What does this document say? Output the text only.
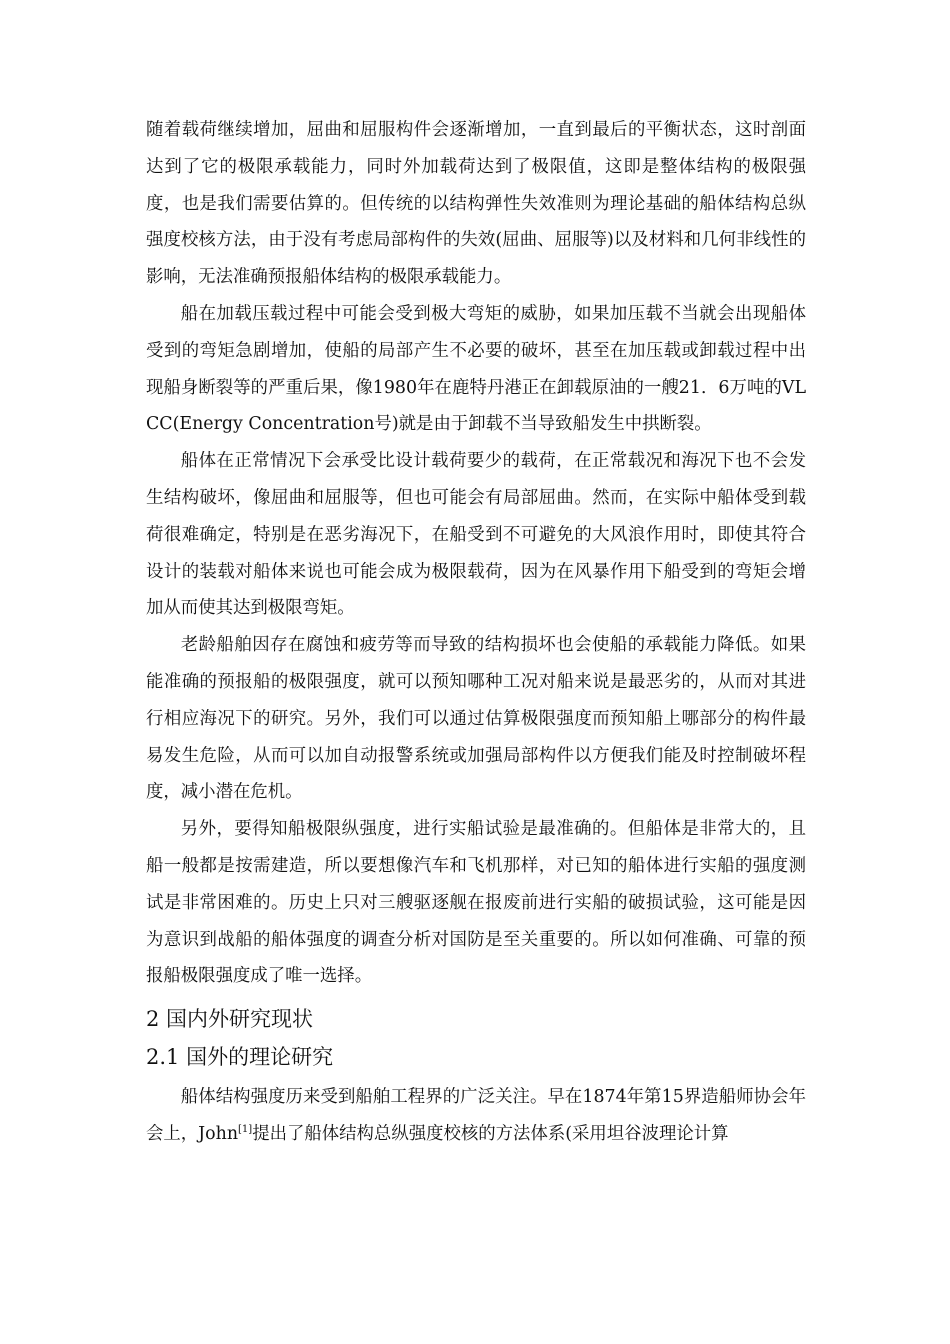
随着载荷继续增加，屈曲和屈服构件会逐渐增加，一直到最后的平衡状态，这时剖面达到了它的极限承载能力，同时外加载荷达到了极限值，这即是整体结构的极限强度，也是我们需要估算的。但传统的以结构弹性失效准则为理论基础的船体结构总纵强度校核方法，由于没有考虑局部构件的失效(屈曲、屈服等)以及材料和几何非线性的影响，无法准确预报船体结构的极限承载能力。

船在加载压载过程中可能会受到极大弯矩的威胁，如果加压载不当就会出现船体受到的弯矩急剧增加，使船的局部产生不必要的破坏，甚至在加压载或卸载过程中出现船身断裂等的严重后果，像1980年在鹿特丹港正在卸载原油的一艘21．6万吨的VLCC(Energy Concentration号)就是由于卸载不当导致船发生中拱断裂。

船体在正常情况下会承受比设计载荷要少的载荷，在正常载况和海况下也不会发生结构破坏，像屈曲和屈服等，但也可能会有局部屈曲。然而，在实际中船体受到载荷很难确定，特别是在恶劣海况下，在船受到不可避免的大风浪作用时，即使其符合设计的装载对船体来说也可能会成为极限载荷，因为在风暴作用下船受到的弯矩会增加从而使其达到极限弯矩。

老龄船舶因存在腐蚀和疲劳等而导致的结构损坏也会使船的承载能力降低。如果能准确的预报船的极限强度，就可以预知哪种工况对船来说是最恶劣的，从而对其进行相应海况下的研究。另外，我们可以通过估算极限强度而预知船上哪部分的构件最易发生危险，从而可以加自动报警系统或加强局部构件以方便我们能及时控制破坏程度，减小潜在危机。

另外，要得知船极限纵强度，进行实船试验是最准确的。但船体是非常大的，且船一般都是按需建造，所以要想像汽车和飞机那样，对已知的船体进行实船的强度测试是非常困难的。历史上只对三艘驱逐舰在报废前进行实船的破损试验，这可能是因为意识到战船的船体强度的调查分析对国防是至关重要的。所以如何准确、可靠的预报船极限强度成了唯一选择。

2 国内外研究现状
2.1 国外的理论研究

船体结构强度历来受到船舶工程界的广泛关注。早在1874年第15界造船师协会年会上，John[1]提出了船体结构总纵强度校核的方法体系(采用坦谷波理论计算
